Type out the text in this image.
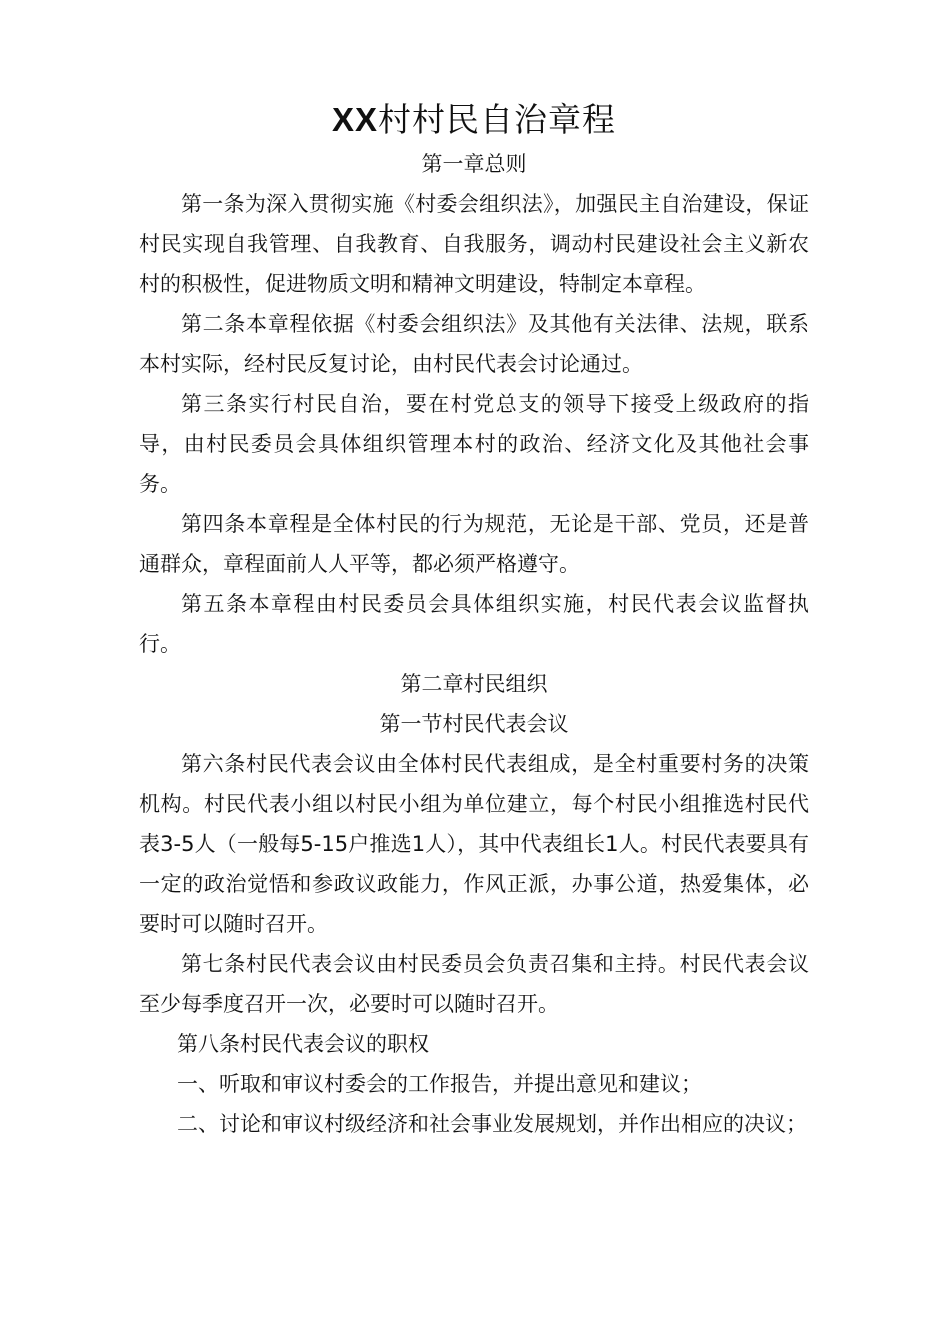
XX村村民自治章程
第一章总则

第一条为深入贯彻实施《村委会组织法》，加强民主自治建设，保证村民实现自我管理、自我教育、自我服务，调动村民建设社会主义新农村的积极性，促进物质文明和精神文明建设，特制定本章程。

第二条本章程依据《村委会组织法》及其他有关法律、法规，联系本村实际，经村民反复讨论，由村民代表会讨论通过。

第三条实行村民自治，要在村党总支的领导下接受上级政府的指导，由村民委员会具体组织管理本村的政治、经济文化及其他社会事务。

第四条本章程是全体村民的行为规范，无论是干部、党员，还是普通群众，章程面前人人平等，都必须严格遵守。

第五条本章程由村民委员会具体组织实施，村民代表会议监督执行。

第二章村民组织
第一节村民代表会议

第六条村民代表会议由全体村民代表组成，是全村重要村务的决策机构。村民代表小组以村民小组为单位建立，每个村民小组推选村民代表3-5人（一般每5-15户推选1人），其中代表组长1人。村民代表要具有一定的政治觉悟和参政议政能力，作风正派，办事公道，热爱集体，必要时可以随时召开。

第七条村民代表会议由村民委员会负责召集和主持。村民代表会议至少每季度召开一次，必要时可以随时召开。

第八条村民代表会议的职权

一、听取和审议村委会的工作报告，并提出意见和建议；

二、讨论和审议村级经济和社会事业发展规划，并作出相应的决议；
